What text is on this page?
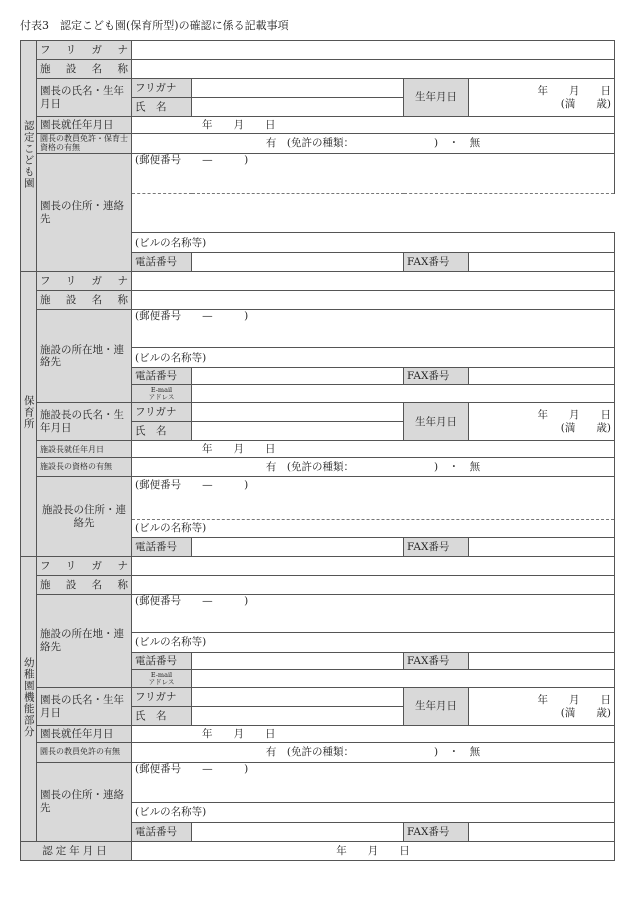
付表3　認定こども園(保育所型)の確認に係る記載事項
認定こども園	フリガナ				
	施設名称				
	園長の氏名・生年月日	フリガナ		生年月日	年　　月　　日
(満　　歳)

		氏　名			
	園長就任年月日	年　　月　　日			
	園長の教員免許・保育士資格の有無	有　(免許の種類： )　・　無			
	園長の住所・連絡先	(郵便番号　　—　　　)			

		(ビルの名称等)			
		電話番号		FAX番号	
保育所	フリガナ				
	施設名称				
	施設の所在地・連絡先	(郵便番号　　—　　　)			
		(ビルの名称等)			
		電話番号		FAX番号	

		E-mail
アドレス			

	施設長の氏名・生年月日	フリガナ		生年月日	年　　月　　日
(満　　歳)

		氏　名			
	施設長就任年月日	年　　月　　日			
	施設長の資格の有無	有　(免許の種類： )　・　無			
	施設長の住所・連絡先	(郵便番号　　—　　　)
(ビルの名称等)			

		電話番号		FAX番号	
幼稚園機能部分	フリガナ				
	施設名称				
	施設の所在地・連絡先	(郵便番号　　—　　　)			
		(ビルの名称等)			
		電話番号		FAX番号	

		E-mail
アドレス			

	園長の氏名・生年月日	フリガナ		生年月日	年　　月　　日
(満　　歳)

		氏　名			
	園長就任年月日	年　　月　　日			
	園長の教員免許の有無	有　(免許の種類： )　・　無			
	園長の住所・連絡先	(郵便番号　　—　　　)			
		(ビルの名称等)			
		電話番号		FAX番号	
認定年月日		年　　月　　日			
